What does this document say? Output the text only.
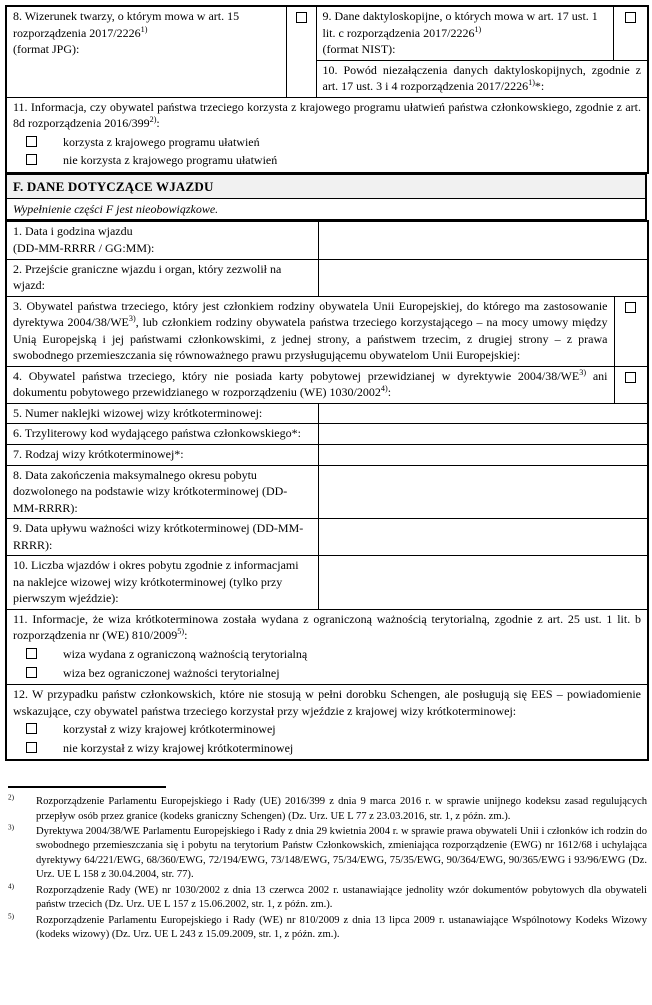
8. Wizerunek twarzy, o którym mowa w art. 15 rozporządzenia 2017/2226$^{1)}$
(format JPG):		9. Dane daktyloskopijne, o których mowa w art. 17 ust. 1 lit. c rozporządzenia 2017/2226$^{1)}$
(format NIST):	
10. Powód niezałączenia danych daktyloskopijnych, zgodnie z art. 17 ust. 3 i 4 rozporządzenia 2017/2226$^{1)}$*:

11. Informacja, czy obywatel państwa trzeciego korzysta z krajowego programu ułatwień państwa członkowskiego, zgodnie z art. 8d rozporządzenia 2016/399$^{2)}$:
korzysta z krajowego programu ułatwień
nie korzysta z krajowego programu ułatwień
F. DANE DOTYCZĄCE WJAZDU
Wypełnienie części F jest nieobowiązkowe.
1. Data i godzina wjazdu
(DD-MM-RRRR / GG:MM):		
2. Przejście graniczne wjazdu i organ, który zezwolił na wjazd:		
3. Obywatel państwa trzeciego, który jest członkiem rodziny obywatela Unii Europejskiej, do którego ma zastosowanie dyrektywa 2004/38/WE$^{3)}$, lub członkiem rodziny obywatela państwa trzeciego korzystającego – na mocy umowy między Unią Europejską i jej państwami członkowskimi, z jednej strony, a państwem trzecim, z drugiej strony – z prawa swobodnego przemieszczania się równoważnego prawu przysługującemu obywatelom Unii Europejskiej:		
4. Obywatel państwa trzeciego, który nie posiada karty pobytowej przewidzianej w dyrektywie 2004/38/WE$^{3)}$ ani dokumentu pobytowego przewidzianego w rozporządzeniu (WE) 1030/2002$^{4)}$:		
5. Numer naklejki wizowej wizy krótkoterminowej:		
6. Trzyliterowy kod wydającego państwa członkowskiego*:		
7. Rodzaj wizy krótkoterminowej*:		
8. Data zakończenia maksymalnego okresu pobytu dozwolonego na podstawie wizy krótkoterminowej (DD-MM-RRRR):		
9. Data upływu ważności wizy krótkoterminowej (DD-MM-RRRR):		
10. Liczba wjazdów i okres pobytu zgodnie z informacjami na naklejce wizowej wizy krótkoterminowej (tylko przy pierwszym wjeździe):		

11. Informacje, że wiza krótkoterminowa została wydana z ograniczoną ważnością terytorialną, zgodnie z art. 25 ust. 1 lit. b rozporządzenia nr (WE) 810/2009$^{5)}$:
wiza wydana z ograniczoną ważnością terytorialną
wiza bez ograniczonej ważności terytorialnej		

12. W przypadku państw członkowskich, które nie stosują w pełni dorobku Schengen, ale posługują się EES – powiadomienie wskazujące, czy obywatel państwa trzeciego korzystał przy wjeździe z krajowej wizy krótkoterminowej:
korzystał z wizy krajowej krótkoterminowej
nie korzystał z wizy krajowej krótkoterminowej		
$^{2)}$	Rozporządzenie Parlamentu Europejskiego i Rady (UE) 2016/399 z dnia 9 marca 2016 r. w sprawie unijnego kodeksu zasad regulujących przepływ osób przez granice (kodeks graniczny Schengen) (Dz. Urz. UE L 77 z 23.03.2016, str. 1, z późn. zm.).
$^{3)}$	Dyrektywa 2004/38/WE Parlamentu Europejskiego i Rady z dnia 29 kwietnia 2004 r. w sprawie prawa obywateli Unii i członków ich rodzin do swobodnego przemieszczania się i pobytu na terytorium Państw Członkowskich, zmieniająca rozporządzenie (EWG) nr 1612/68 i uchylająca dyrektywy 64/221/EWG, 68/360/EWG, 72/194/EWG, 73/148/EWG, 75/34/EWG, 75/35/EWG, 90/364/EWG, 90/365/EWG i 93/96/EWG (Dz. Urz. UE L 158 z 30.04.2004, str. 77).
$^{4)}$	Rozporządzenie Rady (WE) nr 1030/2002 z dnia 13 czerwca 2002 r. ustanawiające jednolity wzór dokumentów pobytowych dla obywateli państw trzecich (Dz. Urz. UE L 157 z 15.06.2002, str. 1, z późn. zm.).
$^{5)}$	Rozporządzenie Parlamentu Europejskiego i Rady (WE) nr 810/2009 z dnia 13 lipca 2009 r. ustanawiające Wspólnotowy Kodeks Wizowy (kodeks wizowy) (Dz. Urz. UE L 243 z 15.09.2009, str. 1, z późn. zm.).
